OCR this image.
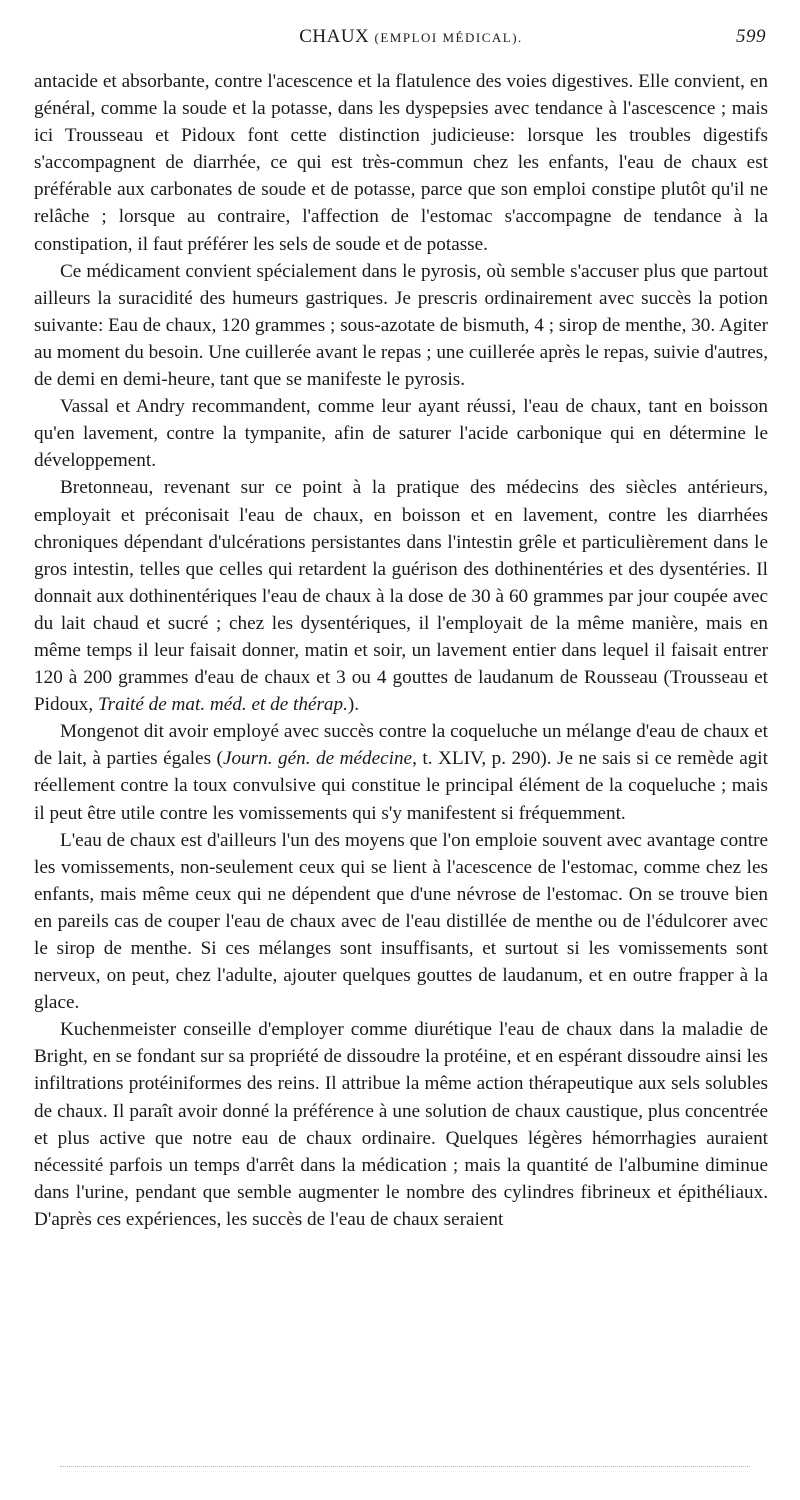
CHAUX (EMPLOI MÉDICAL).	599

antacide et absorbante, contre l'acescence et la flatulence des voies digestives. Elle convient, en général, comme la soude et la potasse, dans les dyspepsies avec tendance à l'ascescence ; mais ici Trousseau et Pidoux font cette distinction judicieuse: lorsque les troubles digestifs s'accompagnent de diarrhée, ce qui est très-commun chez les enfants, l'eau de chaux est préférable aux carbonates de soude et de potasse, parce que son emploi constipe plutôt qu'il ne relâche ; lorsque au contraire, l'affection de l'estomac s'accompagne de tendance à la constipation, il faut préférer les sels de soude et de potasse.

Ce médicament convient spécialement dans le pyrosis, où semble s'accuser plus que partout ailleurs la suracidité des humeurs gastriques. Je prescris ordinairement avec succès la potion suivante: Eau de chaux, 120 grammes ; sous-azotate de bismuth, 4 ; sirop de menthe, 30. Agiter au moment du besoin. Une cuillerée avant le repas ; une cuillerée après le repas, suivie d'autres, de demi en demi-heure, tant que se manifeste le pyrosis.

Vassal et Andry recommandent, comme leur ayant réussi, l'eau de chaux, tant en boisson qu'en lavement, contre la tympanite, afin de saturer l'acide carbonique qui en détermine le développement.

Bretonneau, revenant sur ce point à la pratique des médecins des siècles antérieurs, employait et préconisait l'eau de chaux, en boisson et en lavement, contre les diarrhées chroniques dépendant d'ulcérations persistantes dans l'intestin grêle et particulièrement dans le gros intestin, telles que celles qui retardent la guérison des dothinentéries et des dysentéries. Il donnait aux dothinentériques l'eau de chaux à la dose de 30 à 60 grammes par jour coupée avec du lait chaud et sucré ; chez les dysentériques, il l'employait de la même manière, mais en même temps il leur faisait donner, matin et soir, un lavement entier dans lequel il faisait entrer 120 à 200 grammes d'eau de chaux et 3 ou 4 gouttes de laudanum de Rousseau (Trousseau et Pidoux, Traité de mat. méd. et de thérap.).

Mongenot dit avoir employé avec succès contre la coqueluche un mélange d'eau de chaux et de lait, à parties égales (Journ. gén. de médecine, t. XLIV, p. 290). Je ne sais si ce remède agit réellement contre la toux convulsive qui constitue le principal élément de la coqueluche ; mais il peut être utile contre les vomissements qui s'y manifestent si fréquemment.

L'eau de chaux est d'ailleurs l'un des moyens que l'on emploie souvent avec avantage contre les vomissements, non-seulement ceux qui se lient à l'acescence de l'estomac, comme chez les enfants, mais même ceux qui ne dépendent que d'une névrose de l'estomac. On se trouve bien en pareils cas de couper l'eau de chaux avec de l'eau distillée de menthe ou de l'édulcorer avec le sirop de menthe. Si ces mélanges sont insuffisants, et surtout si les vomissements sont nerveux, on peut, chez l'adulte, ajouter quelques gouttes de laudanum, et en outre frapper à la glace.

Kuchenmeister conseille d'employer comme diurétique l'eau de chaux dans la maladie de Bright, en se fondant sur sa propriété de dissoudre la protéine, et en espérant dissoudre ainsi les infiltrations protéiniformes des reins. Il attribue la même action thérapeutique aux sels solubles de chaux. Il paraît avoir donné la préférence à une solution de chaux caustique, plus concentrée et plus active que notre eau de chaux ordinaire. Quelques légères hémorrhagies auraient nécessité parfois un temps d'arrêt dans la médication ; mais la quantité de l'albumine diminue dans l'urine, pendant que semble augmenter le nombre des cylindres fibrineux et épithéliaux. D'après ces expériences, les succès de l'eau de chaux seraient
